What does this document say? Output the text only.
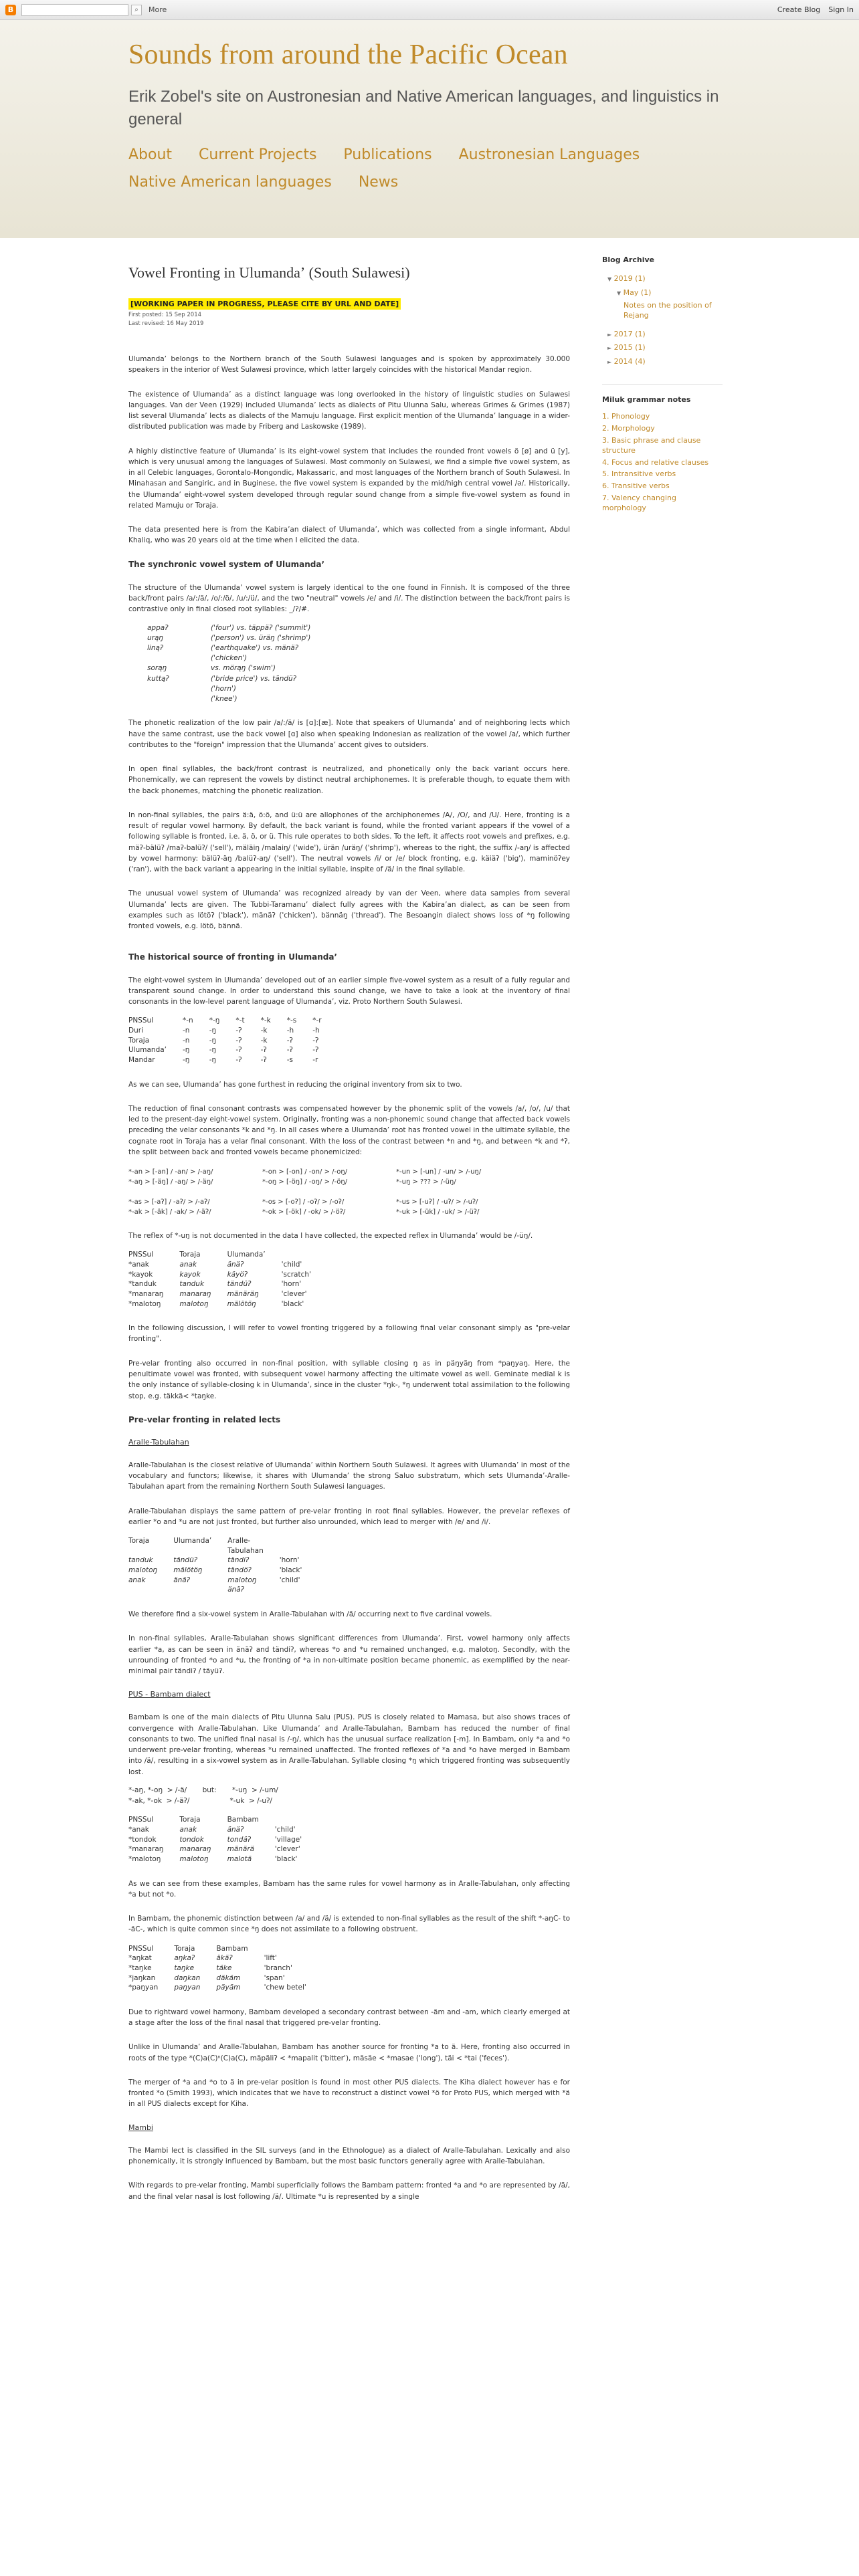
B	⌕	More	Create Blog Sign In
Sounds from around the Pacific Ocean
Erik Zobel's site on Austronesian and Native American languages, and linguistics in general
About Current Projects Publications Austronesian Languages
Native American languages News
Vowel Fronting in Ulumandaʼ (South Sulawesi)
[WORKING PAPER IN PROGRESS, PLEASE CITE BY URL AND DATE]
First posted: 15 Sep 2014
Last revised: 16 May 2019

Ulumandaʼ belongs to the Northern branch of the South Sulawesi languages and is spoken by approximately 30.000 speakers in the interior of West Sulawesi province, which latter largely coincides with the historical Mandar region.

The existence of Ulumandaʼ as a distinct language was long overlooked in the history of linguistic studies on Sulawesi languages. Van der Veen (1929) included Ulumandaʼ lects as dialects of Pitu Ulunna Salu, whereas Grimes & Grimes (1987) list several Ulumandaʼ lects as dialects of the Mamuju language. First explicit mention of the Ulumandaʼ language in a wider-distributed publication was made by Friberg and Laskowske (1989).

A highly distinctive feature of Ulumandaʼ is its eight-vowel system that includes the rounded front vowels ö [ø] and ü [y], which is very unusual among the languages of Sulawesi. Most commonly on Sulawesi, we find a simple five vowel system, as in all Celebic languages, Gorontalo-Mongondic, Makassaric, and most languages of the Northern branch of South Sulawesi. In Minahasan and Sangiric, and in Buginese, the five vowel system is expanded by the mid/high central vowel /ə/. Historically, the Ulumandaʼ eight-vowel system developed through regular sound change from a simple five-vowel system as found in related Mamuju or Toraja.

The data presented here is from the Kabiraʼan dialect of Ulumandaʼ, which was collected from a single informant, Abdul Khaliq, who was 20 years old at the time when I elicited the data.

The synchronic vowel system of Ulumandaʼ

The structure of the Ulumandaʼ vowel system is largely identical to the one found in Finnish. It is composed of the three back/front pairs /a/:/ä/, /o/:/ö/, /u/:/ü/, and the two "neutral" vowels /e/ and /i/. The distinction between the back/front pairs is contrastive only in final closed root syllables: _/ʔ/#.

appaʔ	('four') vs. täppäʔ ('summit')
urąŋ	('person') vs. üräŋ ('shrimp')
linąʔ	('earthquake') vs. mänäʔ ('chicken')
sorąŋ	vs. mörąŋ ('swim')
kuttąʔ	('bride price') vs. tändüʔ ('horn')
('knee')

The phonetic realization of the low pair /a/:/ä/ is [ɑ]:[æ]. Note that speakers of Ulumandaʼ and of neighboring lects which have the same contrast, use the back vowel [ɑ] also when speaking Indonesian as realization of the vowel /a/, which further contributes to the "foreign" impression that the Ulumandaʼ accent gives to outsiders.

In open final syllables, the back/front contrast is neutralized, and phonetically only the back variant occurs here. Phonemically, we can represent the vowels by distinct neutral archiphonemes. It is preferable though, to equate them with the back phonemes, matching the phonetic realization.

In non-final syllables, the pairs ä:ä, ö:ö, and ü:ü are allophones of the archiphonemes /A/, /O/, and /U/. Here, fronting is a result of regular vowel harmony. By default, the back variant is found, while the fronted variant appears if the vowel of a following syllable is fronted, i.e. ä, ö, or ü. This rule operates to both sides. To the left, it affects root vowels and prefixes, e.g. mäʔ-bälüʔ /maʔ-balüʔ/ ('sell'), mäläiŋ /malaiŋ/ ('wide'), ürän /uräŋ/ ('shrimp'), whereas to the right, the suffix /-aŋ/ is affected by vowel harmony: bälüʔ-äŋ /balüʔ-aŋ/ ('sell'). The neutral vowels /i/ or /e/ block fronting, e.g. käiäʔ ('big'), maminöʔey ('ran'), with the back variant a appearing in the initial syllable, inspite of /ä/ in the final syllable.

The unusual vowel system of Ulumandaʼ was recognized already by van der Veen, where data samples from several Ulumandaʼ lects are given. The Tubbi-Taramanuʼ dialect fully agrees with the Kabiraʼan dialect, as can be seen from examples such as lötöʔ ('black'), mänäʔ ('chicken'), bännäŋ ('thread'). The Besoangin dialect shows loss of *ŋ following fronted vowels, e.g. lötö, bännä.

The historical source of fronting in Ulumandaʼ

The eight-vowel system in Ulumandaʼ developed out of an earlier simple five-vowel system as a result of a fully regular and transparent sound change. In order to understand this sound change, we have to take a look at the inventory of final consonants in the low-level parent language of Ulumandaʼ, viz. Proto Northern South Sulawesi.

PNSSul	*-n	*-ŋ	*-t	*-k	*-s	*-r
Duri	-n	-ŋ	-ʔ	-k	-h	-h
Toraja	-n	-ŋ	-ʔ	-k	-ʔ	-ʔ
Ulumandaʼ	-ŋ	-ŋ	-ʔ	-ʔ	-ʔ	-ʔ
Mandar	-ŋ	-ŋ	-ʔ	-ʔ	-s	-r

As we can see, Ulumandaʼ has gone furthest in reducing the original inventory from six to two.

The reduction of final consonant contrasts was compensated however by the phonemic split of the vowels /a/, /o/, /u/ that led to the present-day eight-vowel system. Originally, fronting was a non-phonemic sound change that affected back vowels preceding the velar consonants *k and *ŋ. In all cases where a Ulumandaʼ root has fronted vowel in the ultimate syllable, the cognate root in Toraja has a velar final consonant. With the loss of the contrast between *n and *ŋ, and between *k and *ʔ, the split between back and fronted vowels became phonemicized:

*-an > [-an] / -an/ > /-aŋ/	*-on > [-on] / -on/ > /-oŋ/	*-un > [-un] / -un/ > /-uŋ/
*-aŋ > [-äŋ] / -aŋ/ > /-äŋ/	*-oŋ > [-öŋ] / -oŋ/ > /-öŋ/	*-uŋ > ??? > /-üŋ/

*-as > [-aʔ] / -aʔ/ > /-aʔ/	*-os > [-oʔ] / -oʔ/ > /-oʔ/	*-us > [-uʔ] / -uʔ/ > /-uʔ/
*-ak > [-äk] / -ak/ > /-äʔ/	*-ok > [-ök] / -ok/ > /-öʔ/	*-uk > [-ük] / -uk/ > /-üʔ/

The reflex of *-uŋ is not documented in the data I have collected, the expected reflex in Ulumandaʼ would be /-üŋ/.

PNSSul	Toraja	Ulumandaʼ	
*anak	anak	änäʔ	'child'
*kayok	kayok	käyöʔ	'scratch'
*tanduk	tanduk	tändüʔ	'horn'
*manaraŋ	manaraŋ	mänäräŋ	'clever'
*malotoŋ	malotoŋ	mälötöŋ	'black'

In the following discussion, I will refer to vowel fronting triggered by a following final velar consonant simply as "pre-velar fronting".

Pre-velar fronting also occurred in non-final position, with syllable closing ŋ as in päŋyäŋ from *paŋyaŋ. Here, the penultimate vowel was fronted, with subsequent vowel harmony affecting the ultimate vowel as well. Geminate medial k is the only instance of syllable-closing k in Ulumandaʼ, since in the cluster *ŋk-, *ŋ underwent total assimilation to the following stop, e.g. täkkä< *taŋke.

Pre-velar fronting in related lects
Aralle-Tabulahan

Aralle-Tabulahan is the closest relative of Ulumandaʼ within Northern South Sulawesi. It agrees with Ulumandaʼ in most of the vocabulary and functors; likewise, it shares with Ulumandaʼ the strong Saluo substratum, which sets Ulumandaʼ-Aralle-Tabulahan apart from the remaining Northern South Sulawesi languages.

Aralle-Tabulahan displays the same pattern of pre-velar fronting in root final syllables. However, the prevelar reflexes of earlier *o and *u are not just fronted, but further also unrounded, which lead to merger with /e/ and /i/.

Toraja	Ulumandaʼ	Aralle-	
		Tabulahan	
tanduk	tändüʔ	tändiʔ	'horn'
malotoŋ	mälötöŋ	tändöʔ	'black'
anak	änäʔ	malotoŋ	'child'
		änäʔ	

We therefore find a six-vowel system in Aralle-Tabulahan with /ä/ occurring next to five cardinal vowels.

In non-final syllables, Aralle-Tabulahan shows significant differences from Ulumandaʼ. First, vowel harmony only affects earlier *a, as can be seen in änäʔ and tändiʔ, whereas *o and *u remained unchanged, e.g. malotoŋ. Secondly, with the unrounding of fronted *o and *u, the fronting of *a in non-ultimate position became phonemic, as exemplified by the near-minimal pair tändiʔ / täyüʔ.

PUS - Bambam dialect

Bambam is one of the main dialects of Pitu Ulunna Salu (PUS). PUS is closely related to Mamasa, but also shows traces of convergence with Aralle-Tabulahan. Like Ulumandaʼ and Aralle-Tabulahan, Bambam has reduced the number of final consonants to two. The unified final nasal is /-ŋ/, which has the unusual surface realization [-m]. In Bambam, only *a and *o underwent pre-velar fronting, whereas *u remained unaffected. The fronted reflexes of *a and *o have merged in Bambam into /ä/, resulting in a six-vowel system as in Aralle-Tabulahan. Syllable closing *ŋ which triggered fronting was subsequently lost.

*-aŋ, *-oŋ  > /-ä/       but:       *-uŋ  > /-um/
*-ak, *-ok  > /-äʔ/                  *-uk  > /-uʔ/
PNSSul	Toraja	Bambam	
*anak	anak	änäʔ	'child'
*tondok	tondok	tondäʔ	'village'
*manaraŋ	manaraŋ	mänärä	'clever'
*malotoŋ	malotoŋ	malotä	'black'

As we can see from these examples, Bambam has the same rules for vowel harmony as in Aralle-Tabulahan, only affecting *a but not *o.

In Bambam, the phonemic distinction between /a/ and /ä/ is extended to non-final syllables as the result of the shift *-aŋC- to -äC-, which is quite common since *ŋ does not assimilate to a following obstruent.

PNSSul	Toraja	Bambam	
*aŋkat	aŋkaʔ	äkäʔ	'lift'
*taŋke	taŋke	täke	'branch'
*jaŋkan	daŋkan	däkäm	'span'
*paŋyan	paŋyan	päyäm	'chew betel'

Due to rightward vowel harmony, Bambam developed a secondary contrast between -äm and -am, which clearly emerged at a stage after the loss of the final nasal that triggered pre-velar fronting.

Unlike in Ulumandaʼ and Aralle-Tabulahan, Bambam has another source for fronting *a to ä. Here, fronting also occurred in roots of the type *(C)a(C)ⁿ(C)a(C), mäpäliʔ < *mapalit ('bitter'), mäsäe < *masae ('long'), täi < *tai ('feces').

The merger of *a and *o to ä in pre-velar position is found in most other PUS dialects. The Kiha dialect however has e for fronted *o (Smith 1993), which indicates that we have to reconstruct a distinct vowel *ö for Proto PUS, which merged with *ä in all PUS dialects except for Kiha.

Mambi

The Mambi lect is classified in the SIL surveys (and in the Ethnologue) as a dialect of Aralle-Tabulahan. Lexically and also phonemically, it is strongly influenced by Bambam, but the most basic functors generally agree with Aralle-Tabulahan.

With regards to pre-velar fronting, Mambi superficially follows the Bambam pattern: fronted *a and *o are represented by /ä/, and the final velar nasal is lost following /ä/. Ultimate *u is represented by a single

Blog Archive
▼ 2019 (1)
▼ May (1)
Notes on the position of Rejang
► 2017 (1)
► 2015 (1)
► 2014 (4)
Miluk grammar notes
1. Phonology
2. Morphology
3. Basic phrase and clause structure
4. Focus and relative clauses
5. Intransitive verbs
6. Transitive verbs
7. Valency changing morphology
